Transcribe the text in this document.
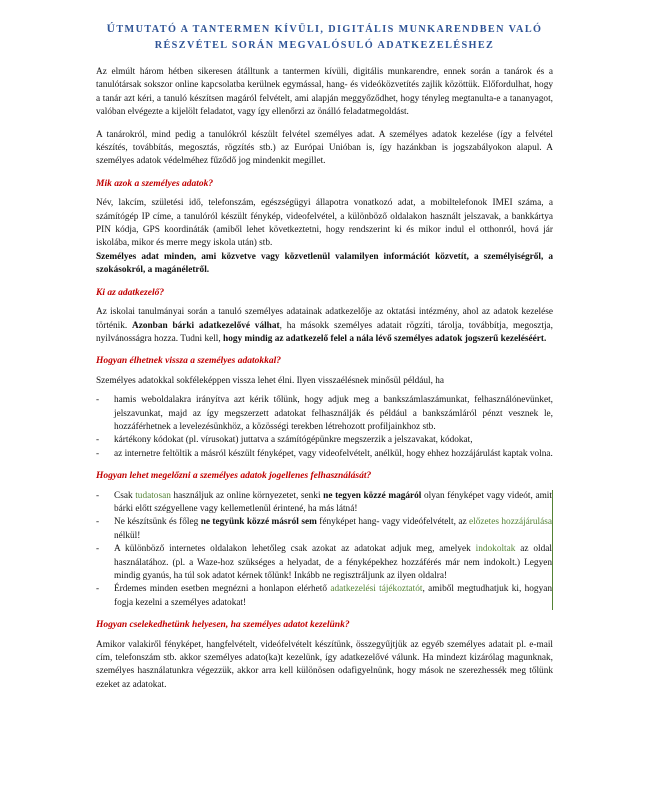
ÚTMUTATÓ A TANTERMEN KÍVÜLI, DIGITÁLIS MUNKARENDBEN VALÓ
RÉSZVÉTEL SORÁN MEGVALÓSULÓ ADATKEZELÉSHEZ

Az elmúlt három hétben sikeresen átálltunk a tantermen kívüli, digitális munkarendre, ennek során a tanárok és a tanulótársak sokszor online kapcsolatba kerülnek egymással, hang- és videóközvetítés zajlik közöttük. Előfordulhat, hogy a tanár azt kéri, a tanuló készítsen magáról felvételt, ami alapján meggyőződhet, hogy tényleg megtanulta-e a tananyagot, valóban elvégezte a kijelölt feladatot, vagy így ellenőrzi az önálló feladatmegoldást.

A tanárokról, mind pedig a tanulókról készült felvétel személyes adat. A személyes adatok kezelése (így a felvétel készítés, továbbítás, megosztás, rögzítés stb.) az Európai Unióban is, így hazánkban is jogszabályokon alapul. A személyes adatok védelméhez fűződő jog mindenkit megillet.

Mik azok a személyes adatok?

Név, lakcím, születési idő, telefonszám, egészségügyi állapotra vonatkozó adat, a mobiltelefonok IMEI száma, a számítógép IP címe, a tanulóról készült fénykép, videofelvétel, a különböző oldalakon használt jelszavak, a bankkártya PIN kódja, GPS koordináták (amiből lehet következtetni, hogy rendszerint ki és mikor indul el otthonról, hová jár iskolába, mikor és merre megy iskola után) stb.

Személyes adat minden, ami közvetve vagy közvetlenül valamilyen információt közvetít, a személyiségről, a szokásokról, a magánéletről.

Ki az adatkezelő?

Az iskolai tanulmányai során a tanuló személyes adatainak adatkezelője az oktatási intézmény, ahol az adatok kezelése történik. Azonban bárki adatkezelővé válhat, ha másokk személyes adatait rögzíti, tárolja, továbbítja, megosztja, nyilvánosságra hozza. Tudni kell, hogy mindig az adatkezelő felel a nála lévő személyes adatok jogszerű kezeléséért.

Hogyan élhetnek vissza a személyes adatokkal?

Személyes adatokkal sokféleképpen vissza lehet élni. Ilyen visszaélésnek minősül például, ha

- hamis weboldalakra irányítva azt kérik tőlünk, hogy adjuk meg a bankszámlaszámunkat, felhasználónevünket, jelszavunkat, majd az így megszerzett adatokat felhasználják és például a bankszámláról pénzt vesznek le, hozzáférhetnek a levelezésünkhöz, a közösségi terekben létrehozott profiljainkhoz stb.
- kártékony kódokat (pl. vírusokat) juttatva a számítógépünkre megszerzik a jelszavakat, kódokat,
- az internetre feltöltik a másról készült fényképet, vagy videofelvételt, anélkül, hogy ehhez hozzájárulást kaptak volna.
Hogyan lehet megelőzni a személyes adatok jogellenes felhasználását?
- Csak tudatosan használjuk az online környezetet, senki ne tegyen közzé magáról olyan fényképet vagy videót, amit bárki előtt szégyellene vagy kellemetlenül érintené, ha más látná!
- Ne készítsünk és főleg ne tegyünk közzé másról sem fényképet hang- vagy videófelvételt, az előzetes hozzájárulása nélkül!
- A különböző internetes oldalakon lehetőleg csak azokat az adatokat adjuk meg, amelyek indokoltak az oldal használatához. (pl. a Waze-hoz szükséges a helyadat, de a fényképekhez hozzáférés már nem indokolt.) Legyen mindig gyanús, ha túl sok adatot kérnek tőlünk! Inkább ne regisztráljunk az ilyen oldalra!
- Érdemes minden esetben megnézni a honlapon elérhető adatkezelési tájékoztatót, amiből megtudhatjuk ki, hogyan fogja kezelni a személyes adatokat!
Hogyan cselekedhetünk helyesen, ha személyes adatot kezelünk?

Amikor valakiről fényképet, hangfelvételt, videófelvételt készítünk, összegyűjtjük az egyéb személyes adatait pl. e-mail cím, telefonszám stb. akkor személyes adato(ka)t kezelünk, így adatkezelővé válunk. Ha mindezt kizárólag magunknak, személyes használatunkra végezzük, akkor arra kell különösen odafigyelnünk, hogy mások ne szerezhessék meg tőlünk ezeket az adatokat.
